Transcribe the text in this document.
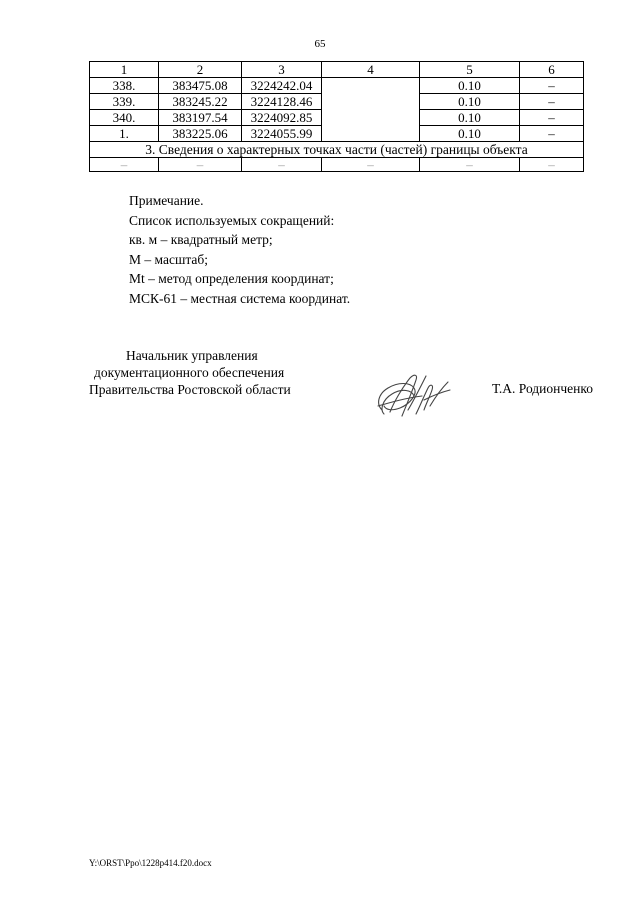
65
1	2	3	4	5	6
338.	383475.08	3224242.04		0.10	–
339.	383245.22	3224128.46		0.10	–
340.	383197.54	3224092.85		0.10	–
1.	383225.06	3224055.99		0.10	–
3. Сведения о характерных точках части (частей) границы объекта					
–	–	–	–	–	–
Примечание.
Список используемых сокращений:
кв. м – квадратный метр;
М – масштаб;
Mt – метод определения координат;
МСК-61 – местная система координат.
Начальник управления
документационного обеспечения
Правительства Ростовской области	Т.А. Родионченко
Y:\ORST\Ppo\1228p414.f20.docx
